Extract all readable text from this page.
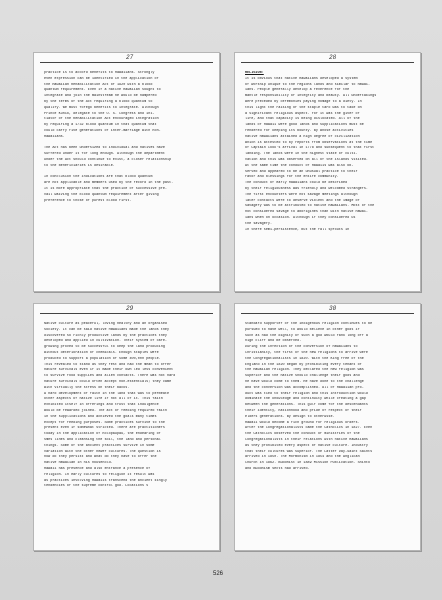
27
practice is to accord benefits to Hawaiians. Strongly
even expression can be identified in the application of
the Hawaiian Rehabilitation Act of 1920 with a blood
quantum requirement. Even if a native Hawaiian sought to
integrate and join the mainstream he would be hampered
by the terms of the Act requiring a blood quantum to
qualify. We must forego benefits to integrate. Although
Prince Kuhio, delegate to the U. S. Congress and ini-
tiator of the Rehabilitation Act encouraged integration
by requiring a 1/32 blood quantum in that quantum that
could carry five generations of inter-marriage with non-
Hawaiians.

The Act has been undersized to individual and natives have
suffered under it for long enough. Although the department
under the Act should continue to exist, a closer relationship
to the beneficiaries is desirable.

In conclusion the indications are that blood quantum
are not applicable and members used by the record in the past.
It is more appropriate that the practice of successive pre-
vail waiving the blood quantum requirement after giving
preference to those of purest blood first.
28
RELIGION:
It is obvious that native Hawaiians developed a system
of worship unique to the regions lands and similar to Hawai-
ians. People generally develop a reverence for the
mantle responsibility of integrity and beauty. All undertakings
were preceded by ceremonies paying homage to a diety. In
this light the raising of the staple taro was to take on
a significant religious aspect. For it was the giver of
life, and that capacity is being dislocated. All of the
lands of Hawaii were good lands and supplications must be
rendered for keeping its bounty. By whose activities
native Hawaiians attained a high degree of civilization
which is attested to by reports from observations at the time
of Captain Cook's arrival in 1778 and subsequent to that first
landing. The lands were in the highest state of culti-
vation and this was observed on all of the islands visited.
At the same time the conduct of Hawaiis was also ob-
served and appeared to be an unusual practice to their
favor and blessings for the entire community.
The conduct of early Hawaiians could be described
by their religiousness was friendly and welcomed strangers.
The first encounters were not savage meetings although
later contacts were to deserve violent and the image of
savagery was to be attributed to native Hawaiians. Most of the
not considered savage to aborigines than with native Hawai-
ians when on occasion. Although if they considered us
the savagery.
In there semi-persistence, but the fall sprouts in
29
Native culture as peaceful, loving healthy and an organised
society. It can be said native Hawaiians made the lands they
discovered so richly productive lands by the practices they
developed and applied in cultivation. Their system of care-
growing proved to be successful to keep the land producing
without deterioration of chemicals. Enough staples were
produced to support a population of some 400,000 people.
This revealed to stand as they rest and had the mean to offer
nature survivals even if it made their own led less convenient
to survive food supplies and alien contacts. There was not hard
nature survivals could often accept non-essentials; they came
with virtually the stress on their backs.
A hard development of faith in the land that was to permeate
other aspects of native life if not all of it. This faith
exhibited itself in offerings and trust that indulgence
would be rewarded joined. The act of feeding required faith
in the supplications and achieved the goals many times
except for feeding purposes. Some practices survive to the
present even if somewhat stricted. There are practitioners
today in the application of holopaupau, the endearing of
smes lines and cleansing the soil, the land and personal
things. Some of the ancient practices survive in some
variation with the other newer cultures. The question is
how do they persist and what do they have to offer the
native Hawaiian in his household.
Hawaii has presence and also entrance a presence of
religion. In early cultures to religion it result was
as practices involving Hawaiis transcend the ancient kingly
tendencies of the supreme control god. Locations s
30
standard supporter of the indigenous religion continues to be
pursued to have well, to would believe in other gods if
such as had the dignity of such a god would rank long off a
high cliff and be observed.
During the infection of the conversion of Hawaiians to
Christianity, the first of the new religions to arrive were
the Congregationalists in 1820. With the King free of the
England in the 1820 began by prohibiting every tenant of
the Hawaiian religion. They declared the new religion was
superior and the native should challenge their gods and
he have would come to them. He have done to the challenge
and the conversion was accomplished. All of Hawaiian pro-
duct was tied to their religion and this introduction would
dominate the knowledge and continuity while creating a gap
between the generations. This gulf come for the descendants
their identity, nationhood and pride of respect of their
elders generations. By design to otherwise.
Hawaii would become a rich ground for religious orders.
After the Congregationalists came the Catholics in 1827. Even
the Catholics observed the conduct of ministries of the
Congregationalists in their relations with native Hawaiians
as they prohibited every aspect of native culture. Industry
that their cultures was superior. The Latter Day-Saint Saints
arrived in 1850. The Mormonism in 1854 and the Anglican
Church in 1862. Buddhist in 1889 Mission Publication. Shinto
and Buddhism sects had arrived.
526
